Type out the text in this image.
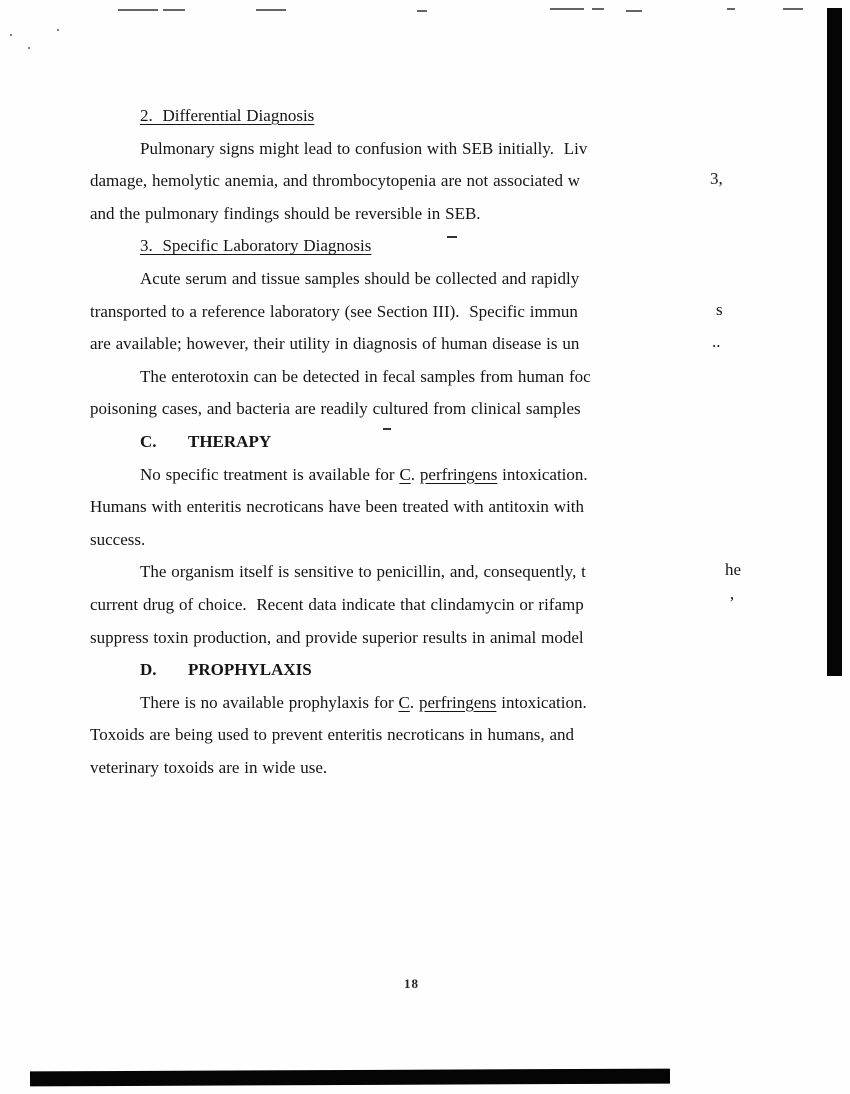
2.  Differential Diagnosis
Pulmonary signs might lead to confusion with SEB initially.  Liv
damage, hemolytic anemia, and thrombocytopenia are not associated w
and the pulmonary findings should be reversible in SEB.
3.  Specific Laboratory Diagnosis
Acute serum and tissue samples should be collected and rapidly
transported to a reference laboratory (see Section III).  Specific immun
are available; however, their utility in diagnosis of human disease is un
The enterotoxin can be detected in fecal samples from human foc
poisoning cases, and bacteria are readily cultured from clinical samples
C. THERAPY
No specific treatment is available for C. perfringens intoxication.
Humans with enteritis necroticans have been treated with antitoxin with
success.
The organism itself is sensitive to penicillin, and, consequently, t
current drug of choice.  Recent data indicate that clindamycin or rifamp
suppress toxin production, and provide superior results in animal model
D. PROPHYLAXIS
There is no available prophylaxis for C. perfringens intoxication.
Toxoids are being used to prevent enteritis necroticans in humans, and
veterinary toxoids are in wide use.
3,
s
..
he
’
18
